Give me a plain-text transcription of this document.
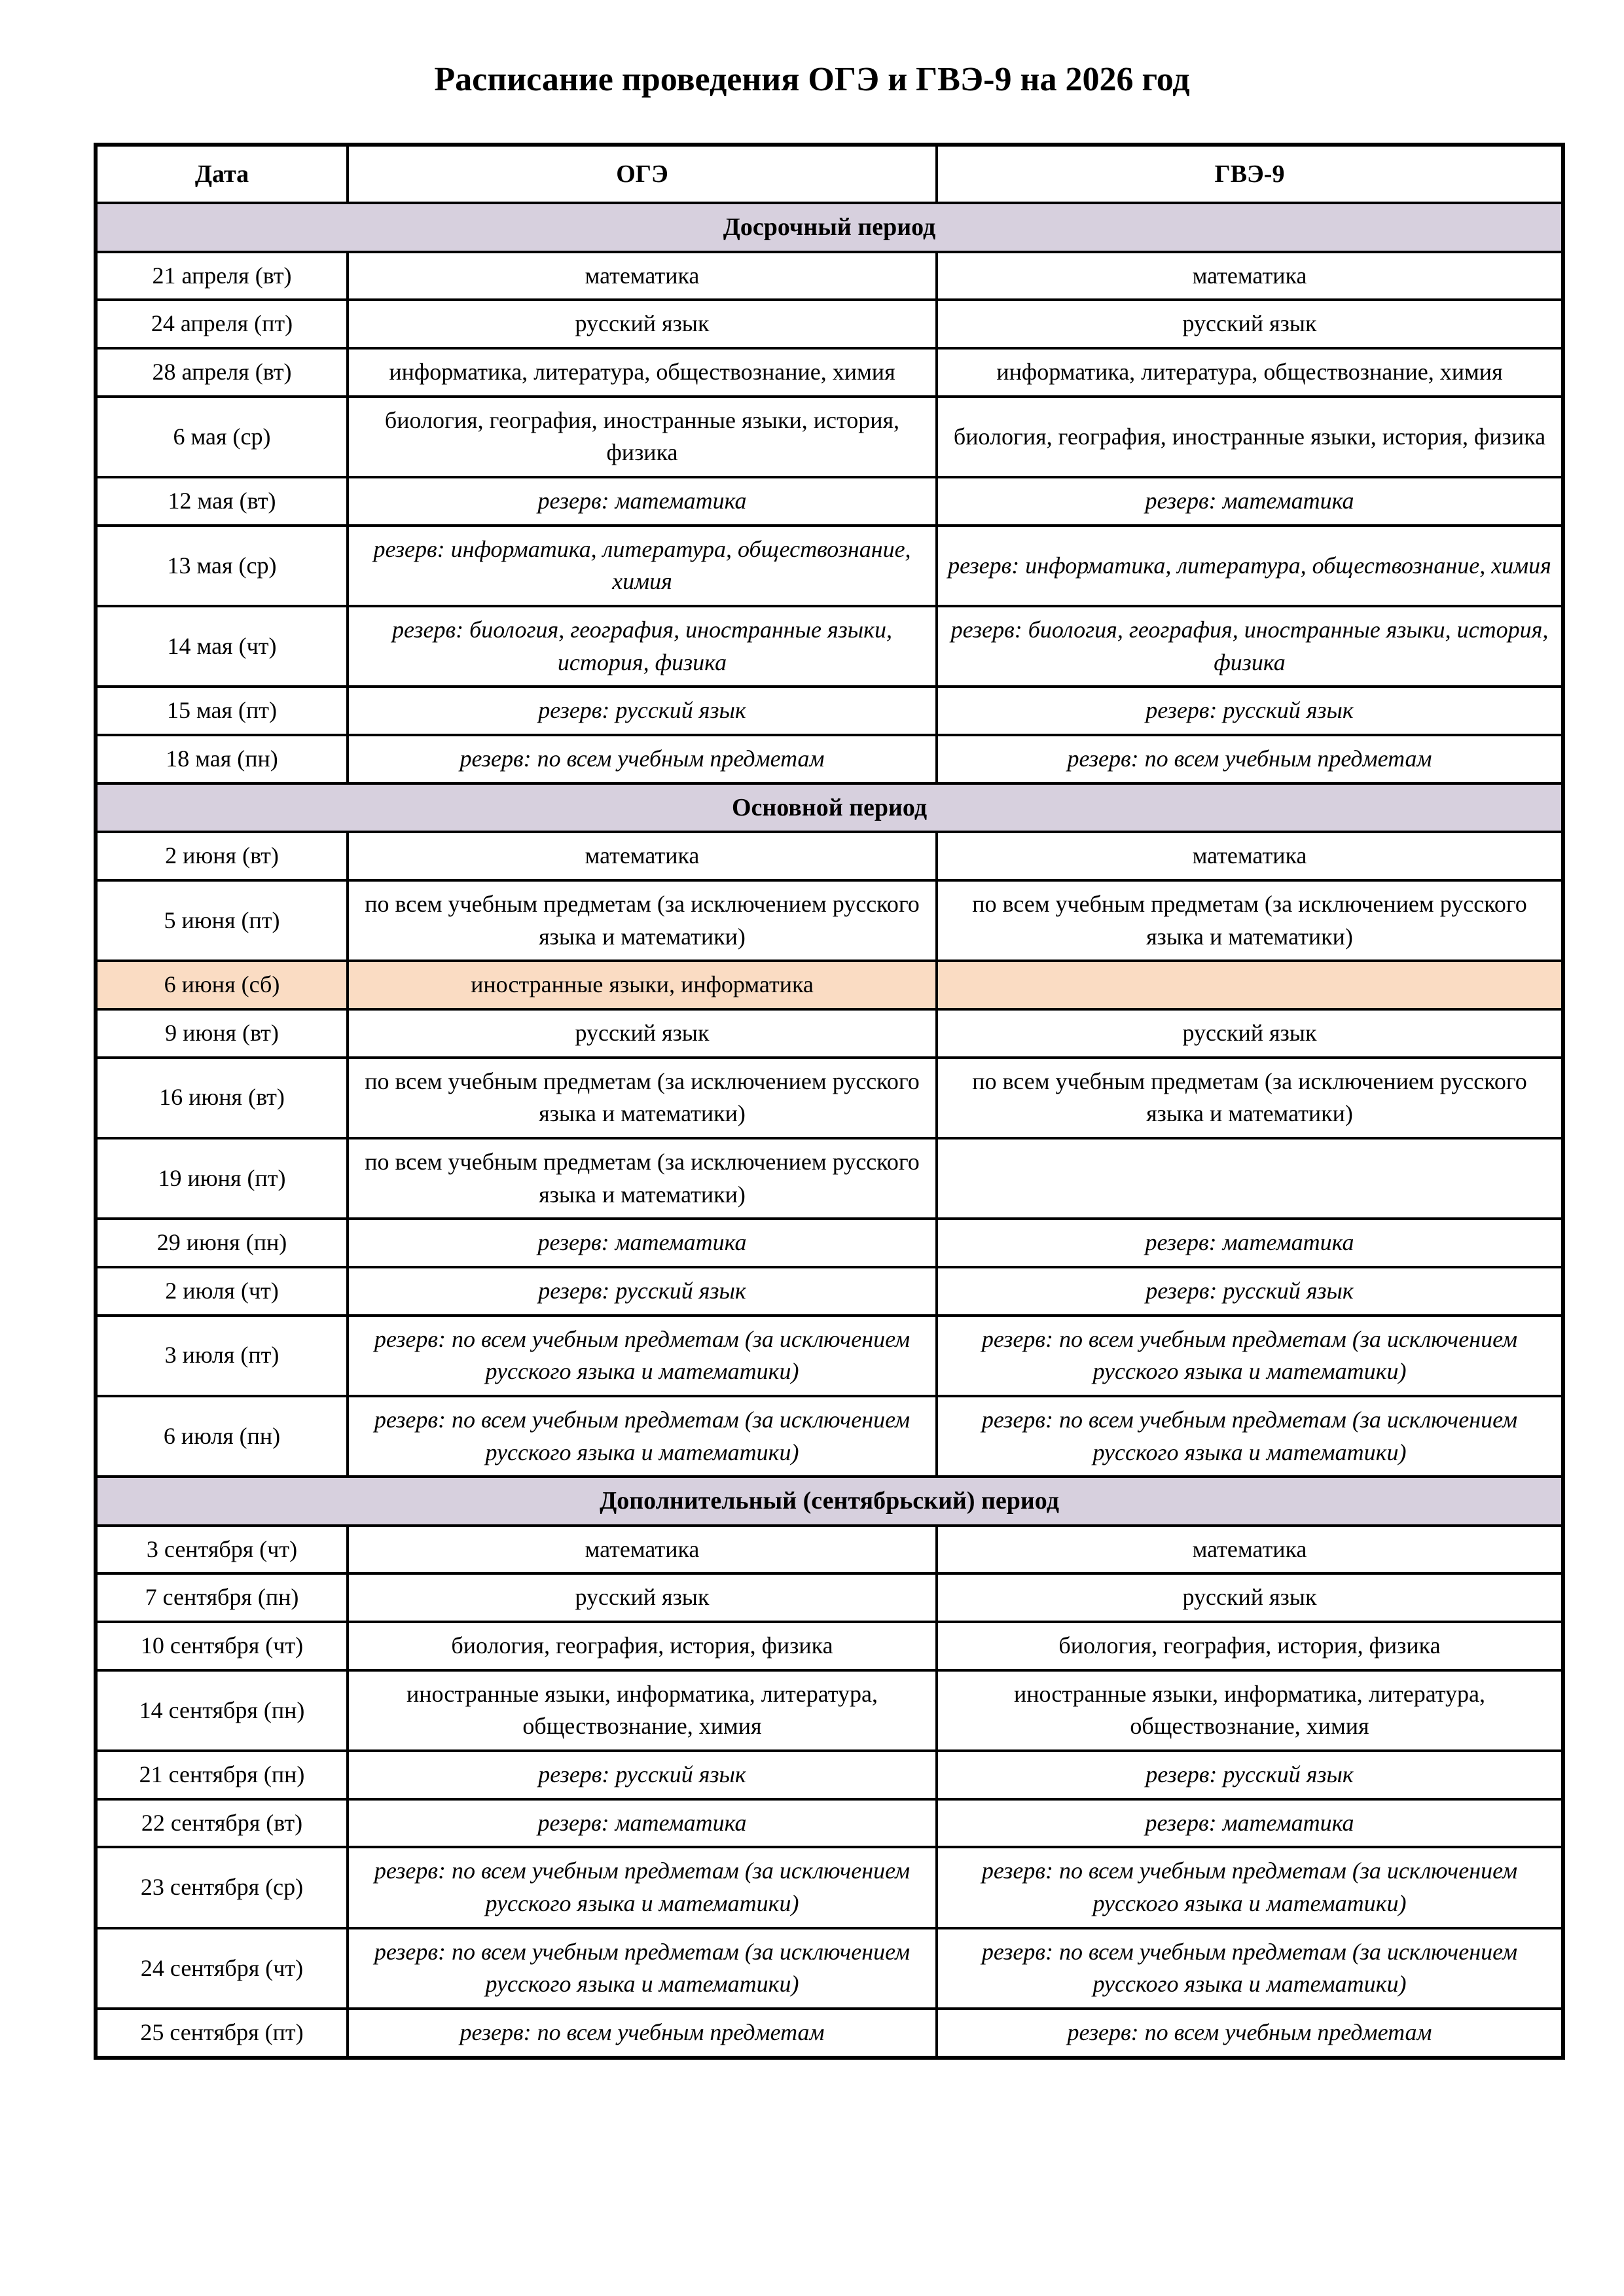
Расписание проведения ОГЭ и ГВЭ-9 на 2026 год
Дата	ОГЭ	ГВЭ-9
Досрочный период		
21 апреля (вт)	математика	математика
24 апреля (пт)	русский язык	русский язык
28 апреля (вт)	информатика, литература, обществознание, химия	информатика, литература, обществознание, химия
6 мая (ср)	биология, география, иностранные языки, история, физика	биология, география, иностранные языки, история, физика
12 мая (вт)	резерв: математика	резерв: математика
13 мая (ср)	резерв: информатика, литература, обществознание, химия	резерв: информатика, литература, обществознание, химия
14 мая (чт)	резерв: биология, география, иностранные языки, история, физика	резерв: биология, география, иностранные языки, история, физика
15 мая (пт)	резерв: русский язык	резерв: русский язык
18 мая (пн)	резерв: по всем учебным предметам	резерв: по всем учебным предметам
Основной период		
2 июня (вт)	математика	математика
5 июня (пт)	по всем учебным предметам (за исключением русского языка и математики)	по всем учебным предметам (за исключением русского языка и математики)
6 июня (сб)	иностранные языки, информатика	
9 июня (вт)	русский язык	русский язык
16 июня (вт)	по всем учебным предметам (за исключением русского языка и математики)	по всем учебным предметам (за исключением русского языка и математики)
19 июня (пт)	по всем учебным предметам (за исключением русского языка и математики)	
29 июня (пн)	резерв: математика	резерв: математика
2 июля (чт)	резерв: русский язык	резерв: русский язык
3 июля (пт)	резерв: по всем учебным предметам (за исключением русского языка и математики)	резерв: по всем учебным предметам (за исключением русского языка и математики)
6 июля (пн)	резерв: по всем учебным предметам (за исключением русского языка и математики)	резерв: по всем учебным предметам (за исключением русского языка и математики)
Дополнительный (сентябрьский) период		
3 сентября (чт)	математика	математика
7 сентября (пн)	русский язык	русский язык
10 сентября (чт)	биология, география, история, физика	биология, география, история, физика
14 сентября (пн)	иностранные языки, информатика, литература, обществознание, химия	иностранные языки, информатика, литература, обществознание, химия
21 сентября (пн)	резерв: русский язык	резерв: русский язык
22 сентября (вт)	резерв: математика	резерв: математика
23 сентября (ср)	резерв: по всем учебным предметам (за исключением русского языка и математики)	резерв: по всем учебным предметам (за исключением русского языка и математики)
24 сентября (чт)	резерв: по всем учебным предметам (за исключением русского языка и математики)	резерв: по всем учебным предметам (за исключением русского языка и математики)
25 сентября (пт)	резерв: по всем учебным предметам	резерв: по всем учебным предметам
